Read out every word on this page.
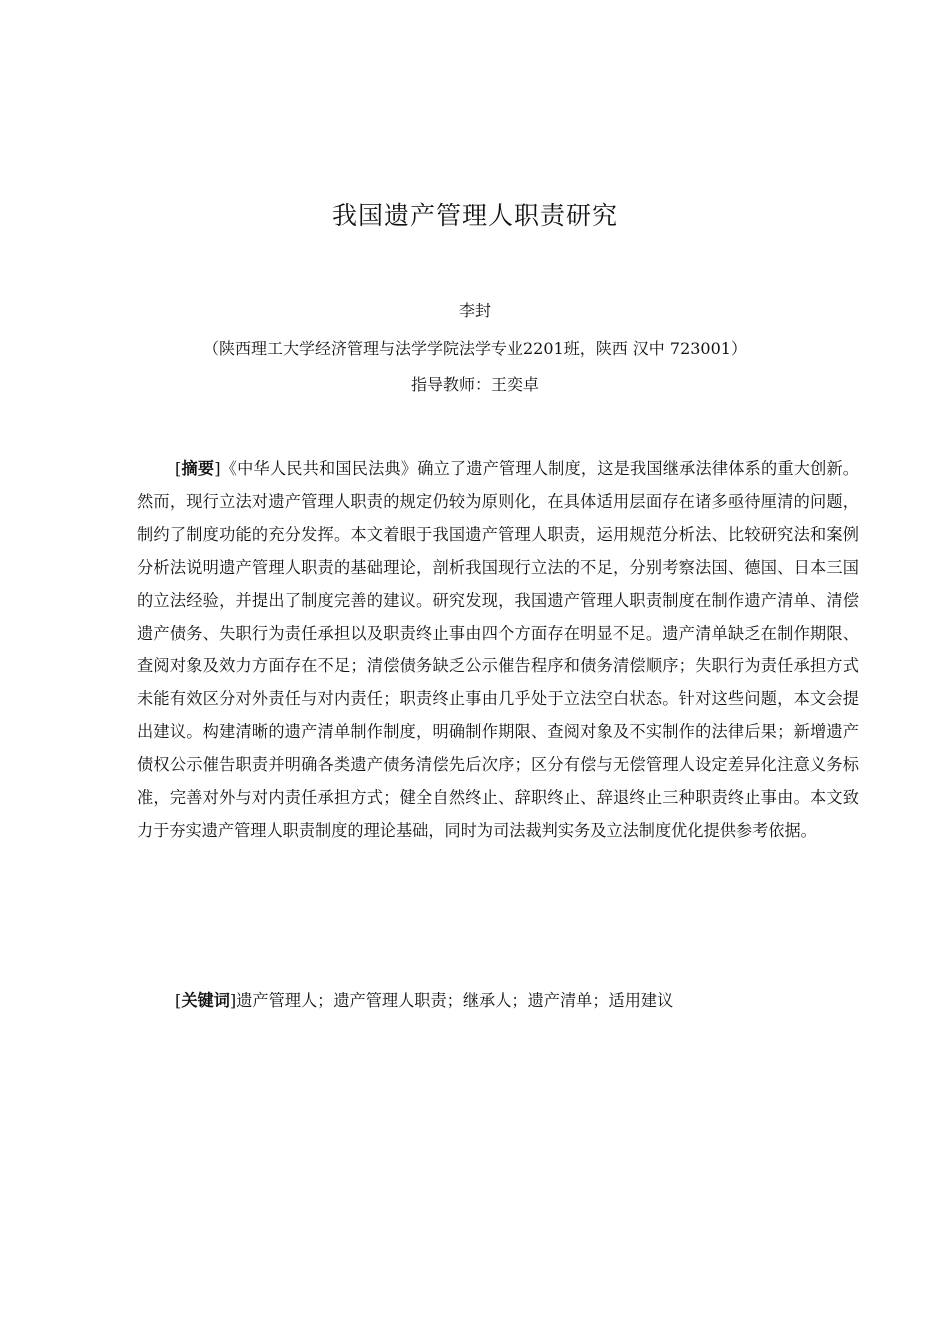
我国遗产管理人职责研究

李封

（陕西理工大学经济管理与法学学院法学专业2201班，陕西 汉中 723001）

指导教师：王奕卓

[摘要]《中华人民共和国民法典》确立了遗产管理人制度，这是我国继承法律体系的重大创新。然而，现行立法对遗产管理人职责的规定仍较为原则化，在具体适用层面存在诸多亟待厘清的问题，制约了制度功能的充分发挥。本文着眼于我国遗产管理人职责，运用规范分析法、比较研究法和案例分析法说明遗产管理人职责的基础理论，剖析我国现行立法的不足，分别考察法国、德国、日本三国的立法经验，并提出了制度完善的建议。研究发现，我国遗产管理人职责制度在制作遗产清单、清偿遗产债务、失职行为责任承担以及职责终止事由四个方面存在明显不足。遗产清单缺乏在制作期限、查阅对象及效力方面存在不足；清偿债务缺乏公示催告程序和债务清偿顺序；失职行为责任承担方式未能有效区分对外责任与对内责任；职责终止事由几乎处于立法空白状态。针对这些问题，本文会提出建议。构建清晰的遗产清单制作制度，明确制作期限、查阅对象及不实制作的法律后果；新增遗产债权公示催告职责并明确各类遗产债务清偿先后次序；区分有偿与无偿管理人设定差异化注意义务标准，完善对外与对内责任承担方式；健全自然终止、辞职终止、辞退终止三种职责终止事由。本文致力于夯实遗产管理人职责制度的理论基础，同时为司法裁判实务及立法制度优化提供参考依据。

[关键词]遗产管理人；遗产管理人职责；继承人；遗产清单；适用建议
